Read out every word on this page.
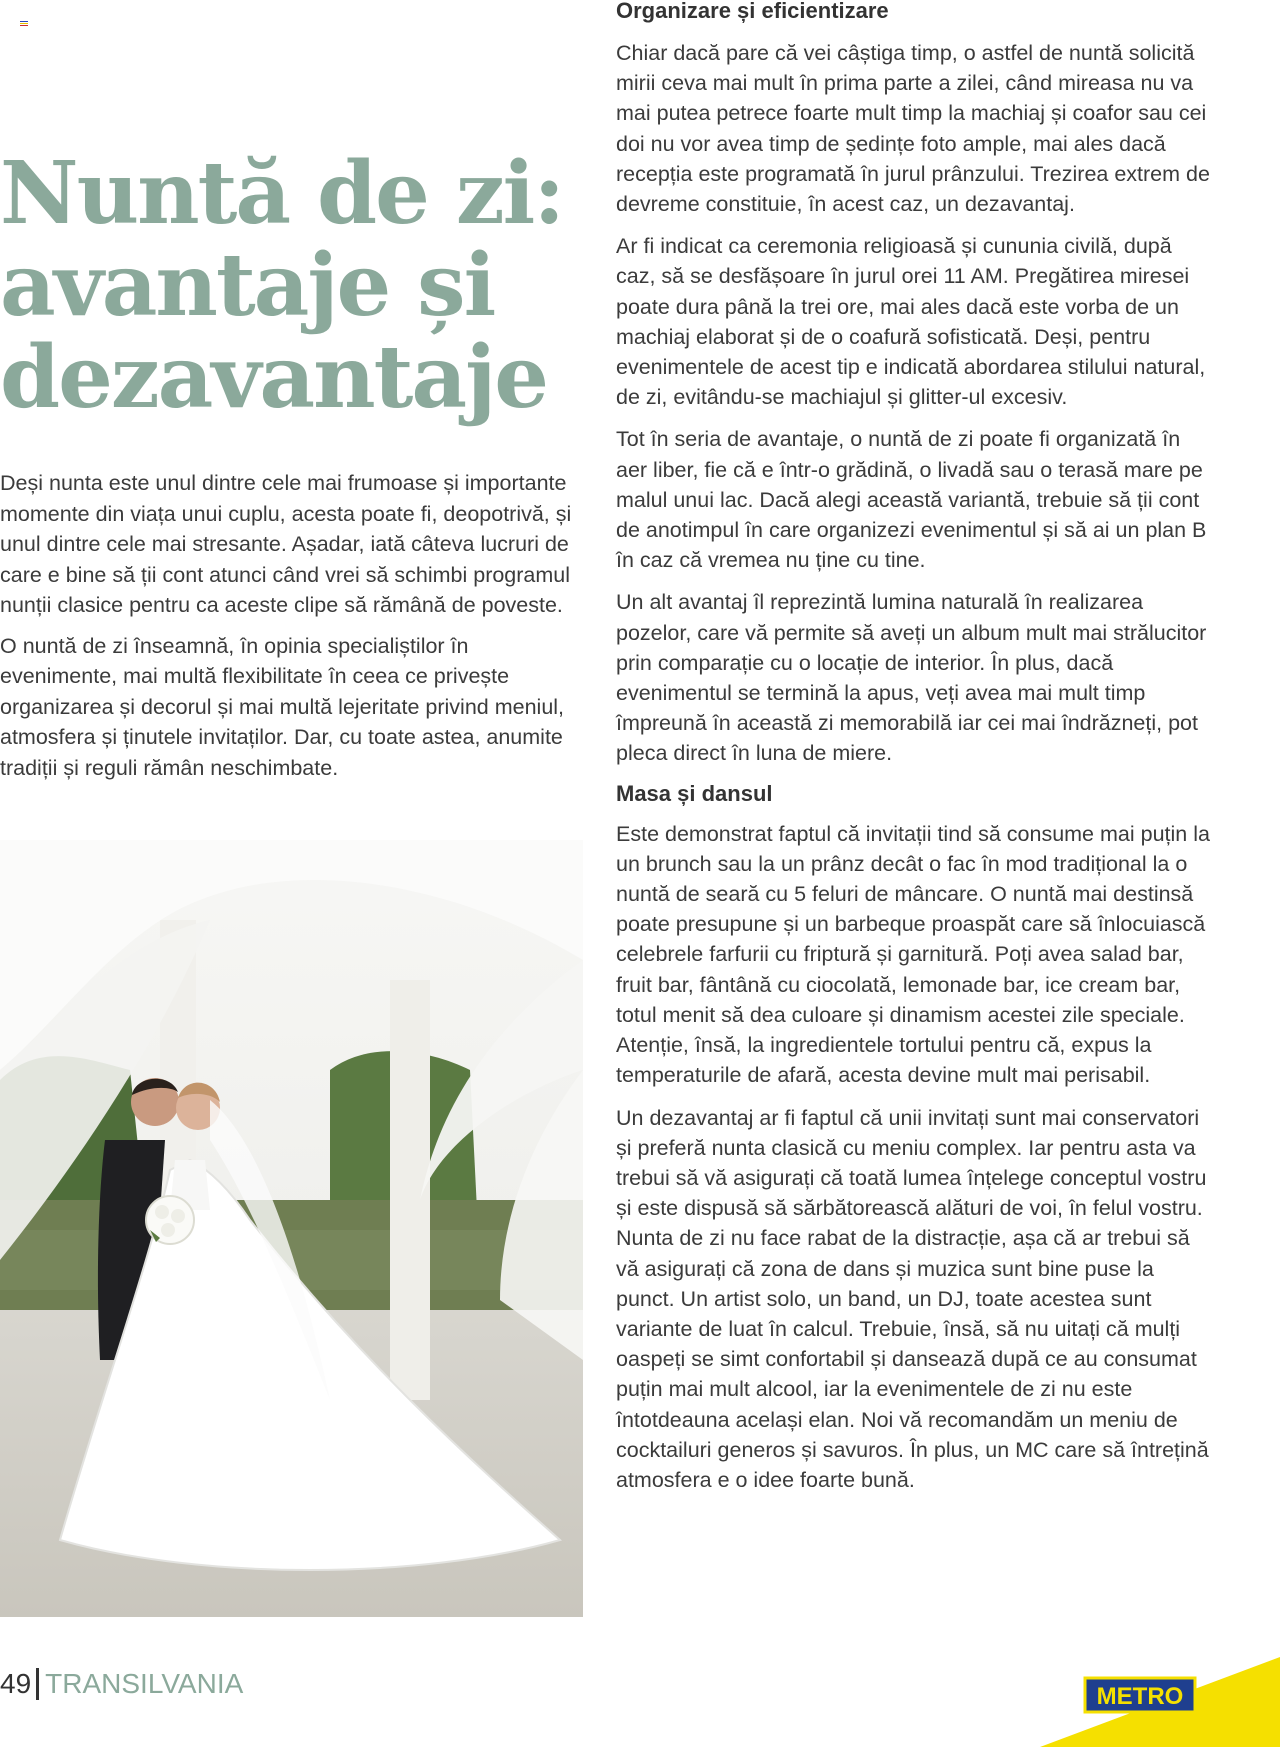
Nuntă de zi: avantaje și dezavantaje

Deși nunta este unul dintre cele mai frumoase și importante momente din viața unui cuplu, acesta poate fi, deopotrivă, și unul dintre cele mai stresante. Așadar, iată câteva lucruri de care e bine să ții cont atunci când vrei să schimbi programul nunții clasice pentru ca aceste clipe să rămână de poveste.

O nuntă de zi înseamnă, în opinia specialiștilor în evenimente, mai multă flexibilitate în ceea ce privește organizarea și decorul și mai multă lejeritate privind meniul, atmosfera și ținutele invitaților. Dar, cu toate astea, anumite tradiții și reguli rămân neschimbate.

Organizare și eficientizare

Chiar dacă pare că vei câștiga timp, o astfel de nuntă solicită mirii ceva mai mult în prima parte a zilei, când mireasa nu va mai putea petrece foarte mult timp la machiaj și coafor sau cei doi nu vor avea timp de ședințe foto ample, mai ales dacă recepția este programată în jurul prânzului. Trezirea extrem de devreme constituie, în acest caz, un dezavantaj.

Ar fi indicat ca ceremonia religioasă și cununia civilă, după caz, să se desfășoare în jurul orei 11 AM. Pregătirea miresei poate dura până la trei ore, mai ales dacă este vorba de un machiaj elaborat și de o coafură sofisticată. Deși, pentru evenimentele de acest tip e indicată abordarea stilului natural, de zi, evitându-se machiajul și glitter-ul excesiv.

Tot în seria de avantaje, o nuntă de zi poate fi organizată în aer liber, fie că e într-o grădină, o livadă sau o terasă mare pe malul unui lac. Dacă alegi această variantă, trebuie să ții cont de anotimpul în care organizezi evenimentul și să ai un plan B în caz că vremea nu ține cu tine.

Un alt avantaj îl reprezintă lumina naturală în realizarea pozelor, care vă permite să aveți un album mult mai strălucitor prin comparație cu o locație de interior. În plus, dacă evenimentul se termină la apus, veți avea mai mult timp împreună în această zi memorabilă iar cei mai îndrăzneți, pot pleca direct în luna de miere.

Masa și dansul

Este demonstrat faptul că invitații tind să consume mai puțin la un brunch sau la un prânz decât o fac în mod tradițional la o nuntă de seară cu 5 feluri de mâncare. O nuntă mai destinsă poate presupune și un barbeque proaspăt care să înlocuiască celebrele farfurii cu friptură și garnitură. Poți avea salad bar, fruit bar, fântână cu ciocolată, lemonade bar, ice cream bar, totul menit să dea culoare și dinamism acestei zile speciale. Atenție, însă, la ingredientele tortului pentru că, expus la temperaturile de afară, acesta devine mult mai perisabil.

Un dezavantaj ar fi faptul că unii invitați sunt mai conservatori și preferă nunta clasică cu meniu complex. Iar pentru asta va trebui să vă asigurați că toată lumea înțelege conceptul vostru și este dispusă să sărbătorească alături de voi, în felul vostru. Nunta de zi nu face rabat de la distracție, așa că ar trebui să vă asigurați că zona de dans și muzica sunt bine puse la punct. Un artist solo, un band, un DJ, toate acestea sunt variante de luat în calcul. Trebuie, însă, să nu uitați că mulți oaspeți se simt confortabil și dansează după ce au consumat puțin mai mult alcool, iar la evenimentele de zi nu este întotdeauna același elan. Noi vă recomandăm un meniu de cocktailuri generos și savuros. În plus, un MC care să întrețină atmosfera e o idee foarte bună.

49 TRANSILVANIA	METRO
